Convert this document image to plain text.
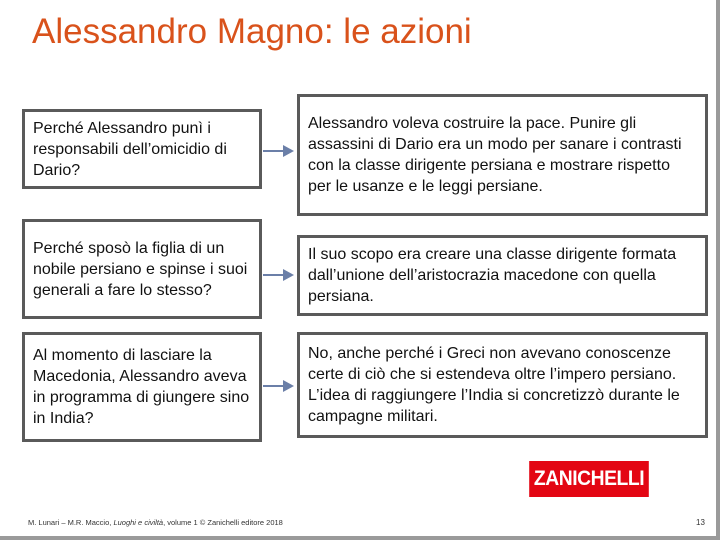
Alessandro Magno: le azioni
Perché Alessandro punì i responsabili dell’omicidio di Dario?
Alessandro voleva costruire la pace. Punire gli assassini di Dario era un modo per sanare i contrasti con la classe dirigente persiana e mostrare rispetto per le usanze e le leggi persiane.
Perché sposò la figlia di un nobile persiano e spinse i suoi generali a fare lo stesso?
Il suo scopo era creare una classe dirigente formata dall’unione dell’aristocrazia macedone con quella persiana.
Al momento di lasciare la Macedonia, Alessandro aveva in programma di giungere sino in India?
No, anche perché i Greci non avevano conoscenze certe di ciò che si estendeva oltre l’impero persiano. L’idea di raggiungere l’India si concretizzò durante le campagne militari.
ZANICHELLI
M. Lunari – M.R. Maccio, Luoghi e civiltà, volume 1 © Zanichelli editore 2018	13
